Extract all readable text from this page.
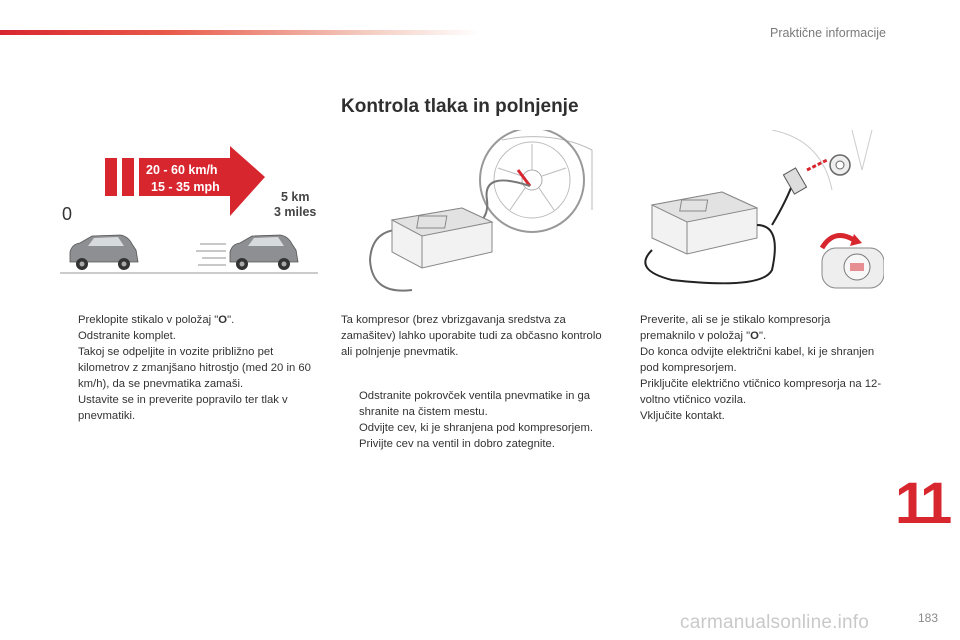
Praktične informacije
Kontrola tlaka in polnjenje
20 - 60 km/h
15 - 35 mph
0
5 km
3 miles
Preklopite stikalo v položaj "O".
Odstranite komplet.
Takoj se odpeljite in vozite približno pet kilometrov z zmanjšano hitrostjo (med 20 in 60 km/h), da se pnevmatika zamaši.
Ustavite se in preverite popravilo ter tlak v pnevmatiki.

Ta kompresor (brez vbrizgavanja sredstva za zamašitev) lahko uporabite tudi za občasno kontrolo ali polnjenje pnevmatik.

Odstranite pokrovček ventila pnevmatike in ga shranite na čistem mestu.
Odvijte cev, ki je shranjena pod kompresorjem.
Privijte cev na ventil in dobro zategnite.
Preverite, ali se je stikalo kompresorja premaknilo v položaj "O".
Do konca odvijte električni kabel, ki je shranjen pod kompresorjem.
Priključite električno vtičnico kompresorja na 12-voltno vtičnico vozila.
Vključite kontakt.
11
carmanualsonline.info	183
